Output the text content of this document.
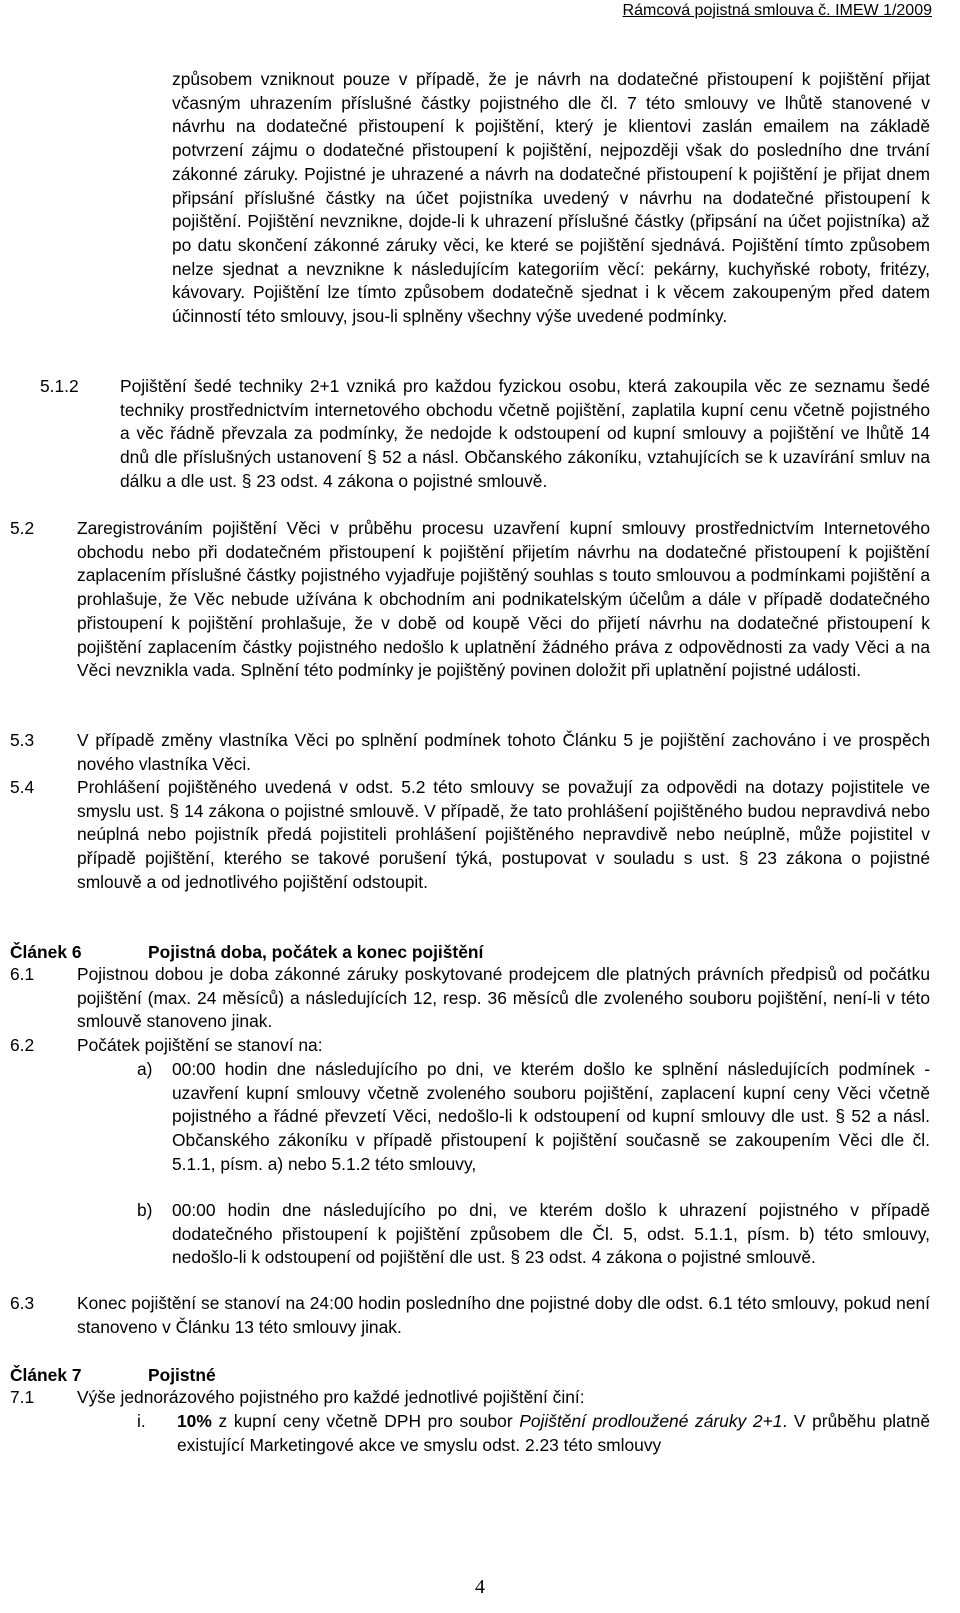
Rámcová pojistná smlouva č. IMEW 1/2009
způsobem vzniknout pouze v případě, že je návrh na dodatečné přistoupení k pojištění přijat včasným uhrazením příslušné částky pojistného dle čl. 7 této smlouvy ve lhůtě stanovené v návrhu na dodatečné přistoupení k pojištění, který je klientovi zaslán emailem na základě potvrzení zájmu o dodatečné přistoupení k pojištění, nejpozději však do posledního dne trvání zákonné záruky. Pojistné je uhrazené a návrh na dodatečné přistoupení k pojištění je přijat dnem připsání příslušné částky na účet pojistníka uvedený v návrhu na dodatečné přistoupení k pojištění. Pojištění nevznikne, dojde-li k uhrazení příslušné částky (připsání na účet pojistníka) až po datu skončení zákonné záruky věci, ke které se pojištění sjednává. Pojištění tímto způsobem nelze sjednat a nevznikne k následujícím kategoriím věcí: pekárny, kuchyňské roboty, fritézy, kávovary. Pojištění lze tímto způsobem dodatečně sjednat i k věcem zakoupeným před datem účinností této smlouvy, jsou-li splněny všechny výše uvedené podmínky.
5.1.2 Pojištění šedé techniky 2+1 vzniká pro každou fyzickou osobu, která zakoupila věc ze seznamu šedé techniky prostřednictvím internetového obchodu včetně pojištění, zaplatila kupní cenu včetně pojistného a věc řádně převzala za podmínky, že nedojde k odstoupení od kupní smlouvy a pojištění ve lhůtě 14 dnů dle příslušných ustanovení § 52 a násl. Občanského zákoníku, vztahujících se k uzavírání smluv na dálku a dle ust. § 23 odst. 4 zákona o pojistné smlouvě.
5.2 Zaregistrováním pojištění Věci v průběhu procesu uzavření kupní smlouvy prostřednictvím Internetového obchodu nebo při dodatečném přistoupení k pojištění přijetím návrhu na dodatečné přistoupení k pojištění zaplacením příslušné částky pojistného vyjadřuje pojištěný souhlas s touto smlouvou a podmínkami pojištění a prohlašuje, že Věc nebude užívána k obchodním ani podnikatelským účelům a dále v případě dodatečného přistoupení k pojištění prohlašuje, že v době od koupě Věci do přijetí návrhu na dodatečné přistoupení k pojištění zaplacením částky pojistného nedošlo k uplatnění žádného práva z odpovědnosti za vady Věci a na Věci nevznikla vada. Splnění této podmínky je pojištěný povinen doložit při uplatnění pojistné události.
5.3 V případě změny vlastníka Věci po splnění podmínek tohoto Článku 5 je pojištění zachováno i ve prospěch nového vlastníka Věci.
5.4 Prohlášení pojištěného uvedená v odst. 5.2 této smlouvy se považují za odpovědi na dotazy pojistitele ve smyslu ust. § 14 zákona o pojistné smlouvě. V případě, že tato prohlášení pojištěného budou nepravdivá nebo neúplná nebo pojistník předá pojistiteli prohlášení pojištěného nepravdivě nebo neúplně, může pojistitel v případě pojištění, kterého se takové porušení týká, postupovat v souladu s ust. § 23 zákona o pojistné smlouvě a od jednotlivého pojištění odstoupit.
Článek 6	Pojistná doba, počátek a konec pojištění
6.1 Pojistnou dobou je doba zákonné záruky poskytované prodejcem dle platných právních předpisů od počátku pojištění (max. 24 měsíců) a následujících 12, resp. 36 měsíců dle zvoleného souboru pojištění, není-li v této smlouvě stanoveno jinak.
6.2 Počátek pojištění se stanoví na:
a) 00:00 hodin dne následujícího po dni, ve kterém došlo ke splnění následujících podmínek - uzavření kupní smlouvy včetně zvoleného souboru pojištění, zaplacení kupní ceny Věci včetně pojistného a řádné převzetí Věci, nedošlo-li k odstoupení od kupní smlouvy dle ust. § 52 a násl. Občanského zákoníku v případě přistoupení k pojištění současně se zakoupením Věci dle čl. 5.1.1, písm. a) nebo 5.1.2 této smlouvy,
b) 00:00 hodin dne následujícího po dni, ve kterém došlo k uhrazení pojistného v případě dodatečného přistoupení k pojištění způsobem dle Čl. 5, odst. 5.1.1, písm. b) této smlouvy, nedošlo-li k odstoupení od pojištění dle ust. § 23 odst. 4 zákona o pojistné smlouvě.
6.3 Konec pojištění se stanoví na 24:00 hodin posledního dne pojistné doby dle odst. 6.1 této smlouvy, pokud není stanoveno v Článku 13 této smlouvy jinak.
Článek 7	Pojistné
7.1 Výše jednorázového pojistného pro každé jednotlivé pojištění činí:
i. 10% z kupní ceny včetně DPH pro soubor Pojištění prodloužené záruky 2+1. V průběhu platně existující Marketingové akce ve smyslu odst. 2.23 této smlouvy
4
